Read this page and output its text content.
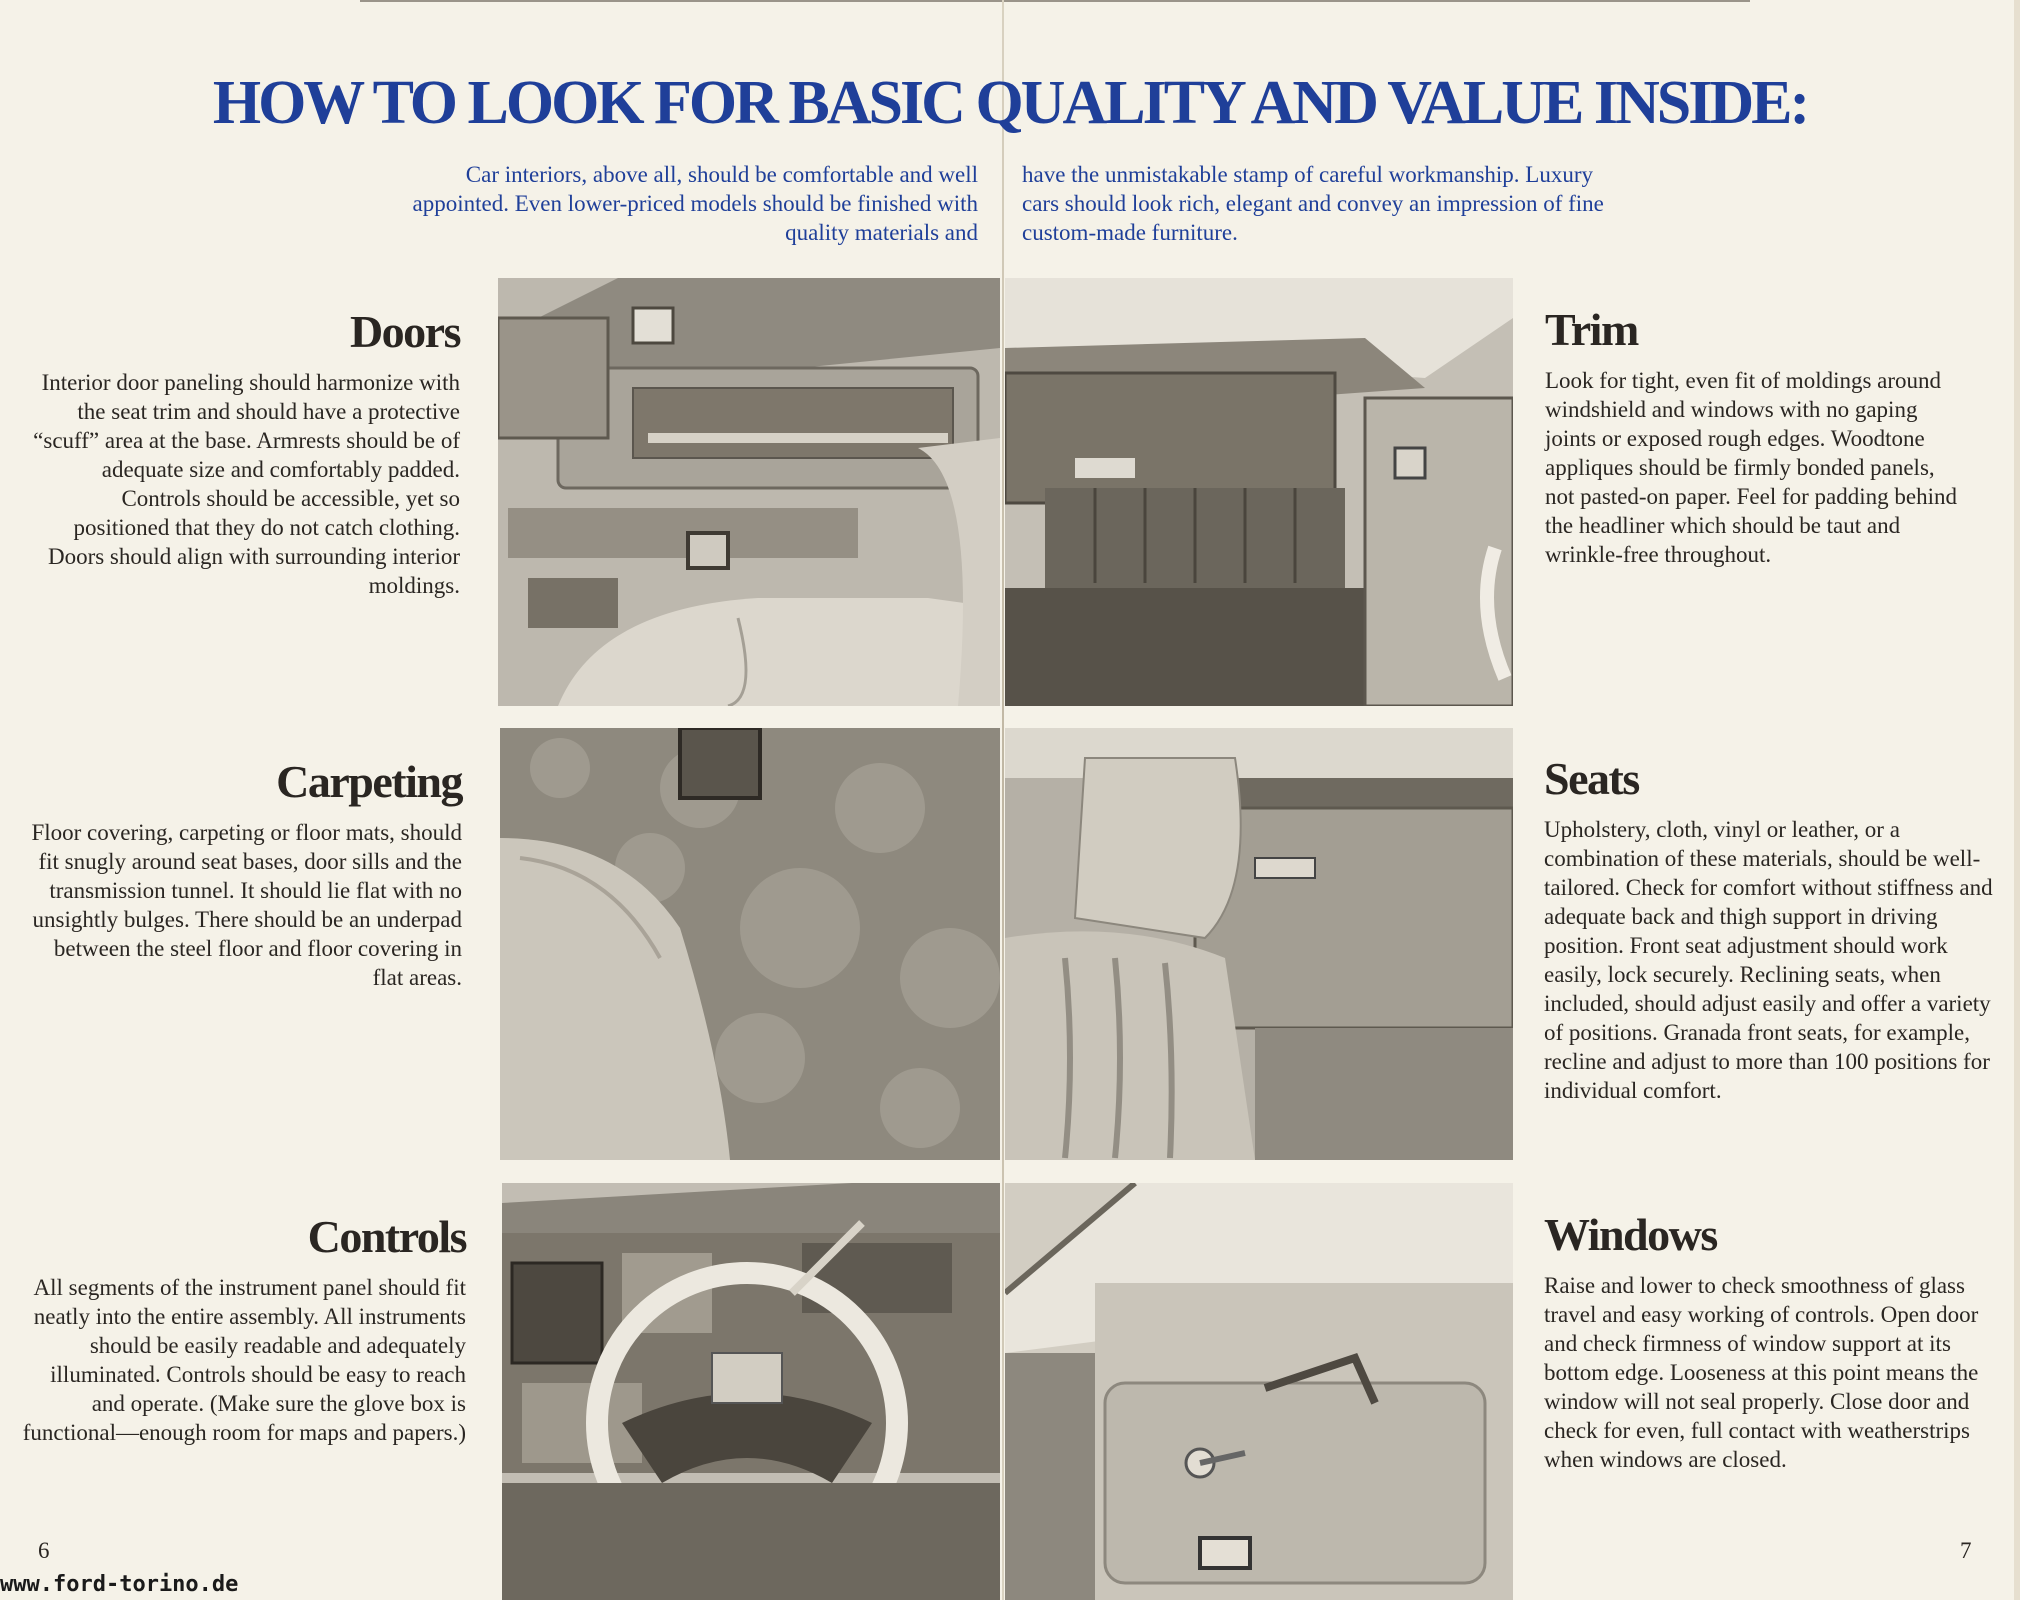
HOW TO LOOK FOR BASIC QUALITY AND VALUE INSIDE:
Car interiors, above all, should be comfortable and well appointed. Even lower-priced models should be finished with quality materials and
have the unmistakable stamp of careful workmanship. Luxury cars should look rich, elegant and convey an impression of fine custom-made furniture.
Doors

Interior door paneling should harmonize with the seat trim and should have a protective “scuff” area at the base. Armrests should be of adequate size and comfortably padded. Controls should be accessible, yet so positioned that they do not catch clothing. Doors should align with surrounding interior moldings.

Carpeting

Floor covering, carpeting or floor mats, should fit snugly around seat bases, door sills and the transmission tunnel. It should lie flat with no unsightly bulges. There should be an underpad between the steel floor and floor covering in flat areas.

Controls

All segments of the instrument panel should fit neatly into the entire assembly. All instruments should be easily readable and adequately illuminated. Controls should be easy to reach and operate. (Make sure the glove box is functional—enough room for maps and papers.)

Trim

Look for tight, even fit of moldings around windshield and windows with no gaping joints or exposed rough edges. Woodtone appliques should be firmly bonded panels, not pasted-on paper. Feel for padding behind the headliner which should be taut and wrinkle-free throughout.

Seats

Upholstery, cloth, vinyl or leather, or a combination of these materials, should be well-tailored. Check for comfort without stiffness and adequate back and thigh support in driving position. Front seat adjustment should work easily, lock securely. Reclining seats, when included, should adjust easily and offer a variety of positions. Granada front seats, for example, recline and adjust to more than 100 positions for individual comfort.

Windows

Raise and lower to check smoothness of glass travel and easy working of controls. Open door and check firmness of window support at its bottom edge. Looseness at this point means the window will not seal properly. Close door and check for even, full contact with weatherstrips when windows are closed.

6	7
www.ford-torino.de
